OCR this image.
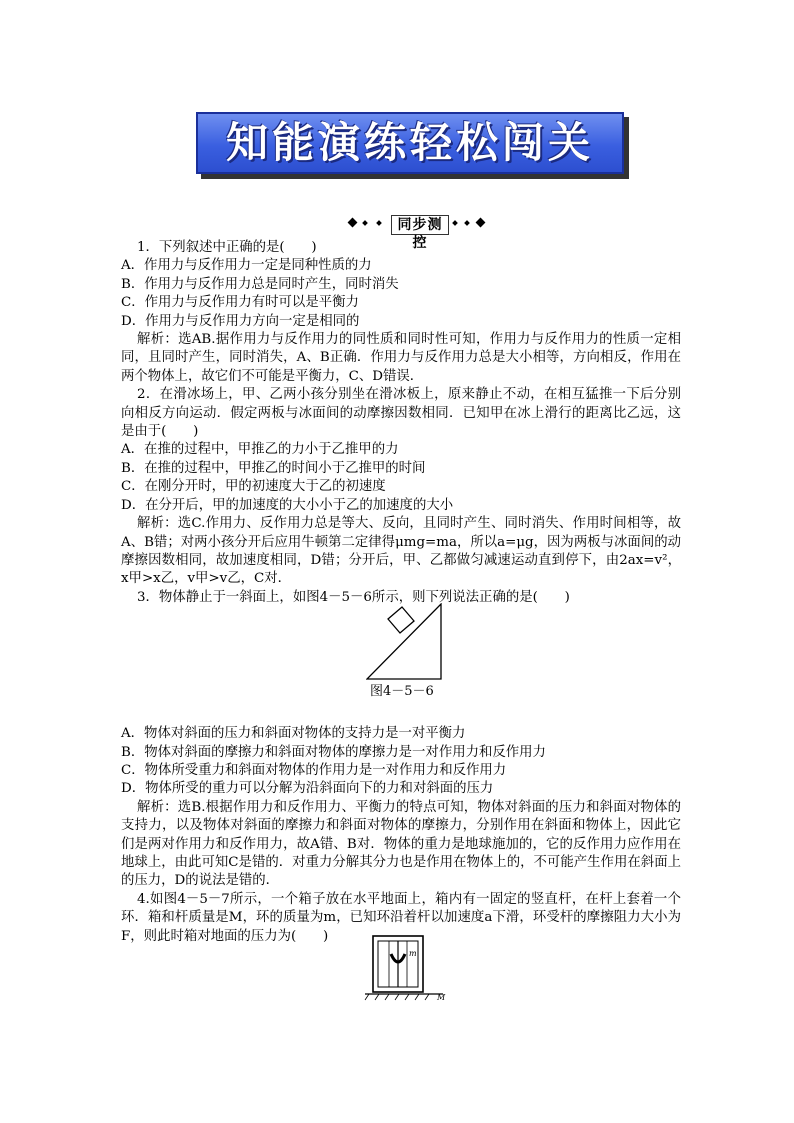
知能演练轻松闯关
同步测控

1．下列叙述中正确的是(　　)

A．作用力与反作用力一定是同种性质的力

B．作用力与反作用力总是同时产生，同时消失

C．作用力与反作用力有时可以是平衡力

D．作用力与反作用力方向一定是相同的

解析：选AB.据作用力与反作用力的同性质和同时性可知，作用力与反作用力的性质一定相同，且同时产生，同时消失，A、B正确．作用力与反作用力总是大小相等，方向相反，作用在两个物体上，故它们不可能是平衡力，C、D错误．

2．在滑冰场上，甲、乙两小孩分别坐在滑冰板上，原来静止不动，在相互猛推一下后分别向相反方向运动．假定两板与冰面间的动摩擦因数相同．已知甲在冰上滑行的距离比乙远，这是由于(　　)

A．在推的过程中，甲推乙的力小于乙推甲的力

B．在推的过程中，甲推乙的时间小于乙推甲的时间

C．在刚分开时，甲的初速度大于乙的初速度

D．在分开后，甲的加速度的大小小于乙的加速度的大小

解析：选C.作用力、反作用力总是等大、反向，且同时产生、同时消失、作用时间相等，故A、B错；对两小孩分开后应用牛顿第二定律得μmg=ma，所以a=μg，因为两板与冰面间的动摩擦因数相同，故加速度相同，D错；分开后，甲、乙都做匀减速运动直到停下，由2ax=v²，x甲>x乙，v甲>v乙，C对．

3．物体静止于一斜面上，如图4－5－6所示，则下列说法正确的是(　　)

A．物体对斜面的压力和斜面对物体的支持力是一对平衡力

B．物体对斜面的摩擦力和斜面对物体的摩擦力是一对作用力和反作用力

C．物体所受重力和斜面对物体的作用力是一对作用力和反作用力

D．物体所受的重力可以分解为沿斜面向下的力和对斜面的压力

解析：选B.根据作用力和反作用力、平衡力的特点可知，物体对斜面的压力和斜面对物体的支持力，以及物体对斜面的摩擦力和斜面对物体的摩擦力，分别作用在斜面和物体上，因此它们是两对作用力和反作用力，故A错、B对．物体的重力是地球施加的，它的反作用力应作用在地球上，由此可知C是错的．对重力分解其分力也是作用在物体上的，不可能产生作用在斜面上的压力，D的说法是错的．

4.如图4－5－7所示，一个箱子放在水平地面上，箱内有一固定的竖直杆，在杆上套着一个环．箱和杆质量是M，环的质量为m，已知环沿着杆以加速度a下滑，环受杆的摩擦阻力大小为F，则此时箱对地面的压力为(　　)

图4－5－6
m
M
